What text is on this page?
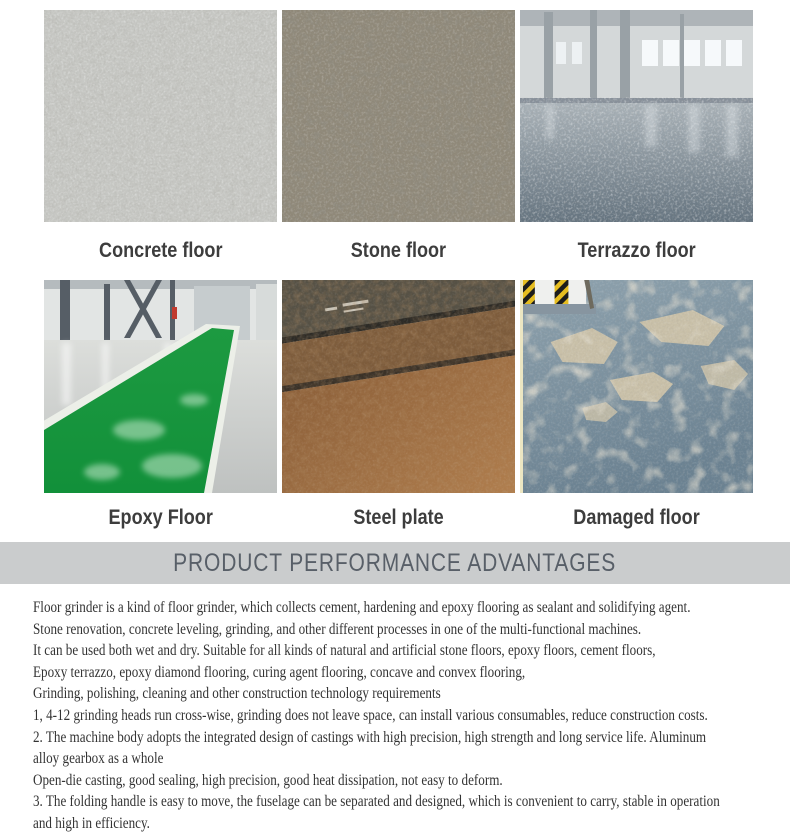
Concrete floor	Stone floor	Terrazzo floor
Epoxy Floor	Steel plate	Damaged floor
PRODUCT PERFORMANCE ADVANTAGES
Floor grinder is a kind of floor grinder, which collects cement, hardening and epoxy flooring as sealant and solidifying agent.
Stone renovation, concrete leveling, grinding, and other different processes in one of the multi-functional machines.
It can be used both wet and dry. Suitable for all kinds of natural and artificial stone floors, epoxy floors, cement floors,
Epoxy terrazzo, epoxy diamond flooring, curing agent flooring, concave and convex flooring,
Grinding, polishing, cleaning and other construction technology requirements
1, 4-12 grinding heads run cross-wise, grinding does not leave space, can install various consumables, reduce construction costs.
2. The machine body adopts the integrated design of castings with high precision, high strength and long service life. Aluminum
alloy gearbox as a whole
Open-die casting, good sealing, high precision, good heat dissipation, not easy to deform.
3. The folding handle is easy to move, the fuselage can be separated and designed, which is convenient to carry, stable in operation
and high in efficiency.
